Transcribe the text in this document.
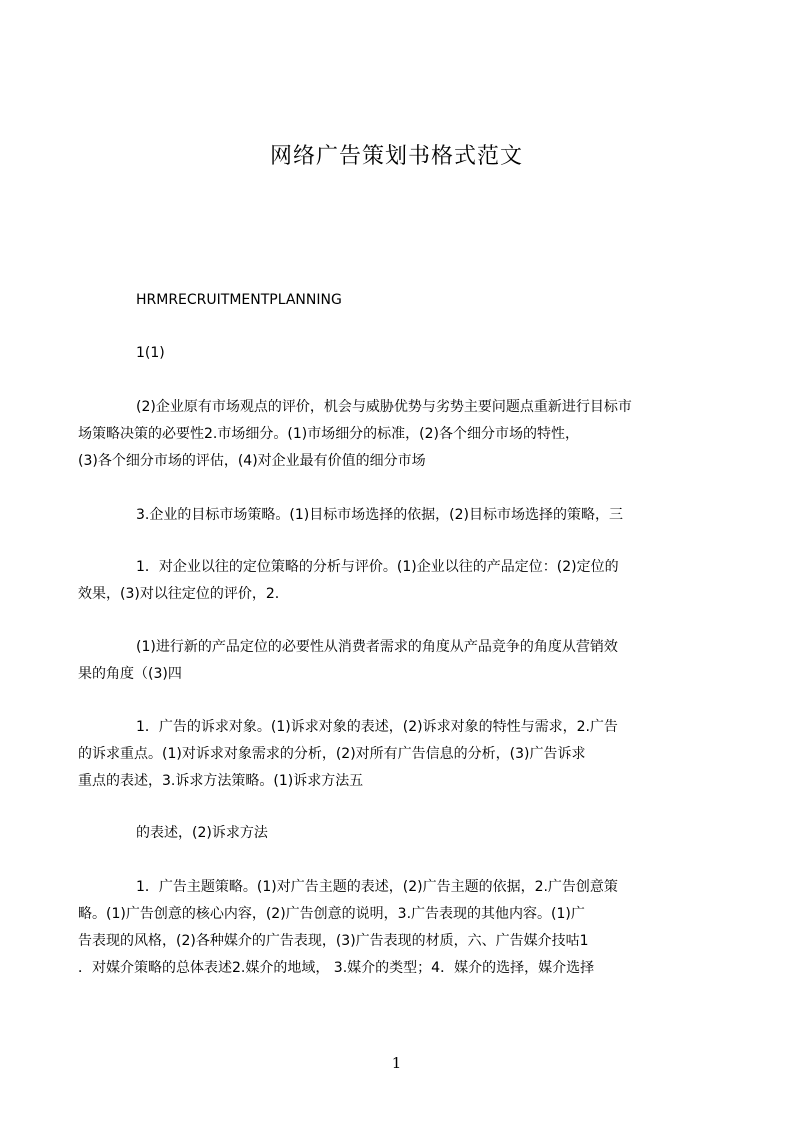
网络广告策划书格式范文

HRMRECRUITMENTPLANNING

1(1)

(2)企业原有市场观点的评价，机会与威胁优势与劣势主要问题点重新进行目标市
场策略决策的必要性2.市场细分。(1)市场细分的标准，(2)各个细分市场的特性，
(3)各个细分市场的评估，(4)对企业最有价值的细分市场

3.企业的目标市场策略。(1)目标市场选择的依据，(2)目标市场选择的策略，三

1．对企业以往的定位策略的分析与评价。(1)企业以往的产品定位：(2)定位的
效果，(3)对以往定位的评价，2.

(1)进行新的产品定位的必要性从消费者需求的角度从产品竞争的角度从营销效
果的角度（(3)四

1．广告的诉求对象。(1)诉求对象的表述，(2)诉求对象的特性与需求，2.广告
的诉求重点。(1)对诉求对象需求的分析，(2)对所有广告信息的分析，(3)广告诉求
重点的表述，3.诉求方法策略。(1)诉求方法五

的表述，(2)诉求方法

1．广告主题策略。(1)对广告主题的表述，(2)广告主题的依据，2.广告创意策
略。(1)广告创意的核心内容，(2)广告创意的说明，3.广告表现的其他内容。(1)广
告表现的风格，(2)各种媒介的广告表现，(3)广告表现的材质，六、广告媒介技咕1
．对媒介策略的总体表述2.媒介的地域， 3.媒介的类型；4．媒介的选择，媒介选择

1
